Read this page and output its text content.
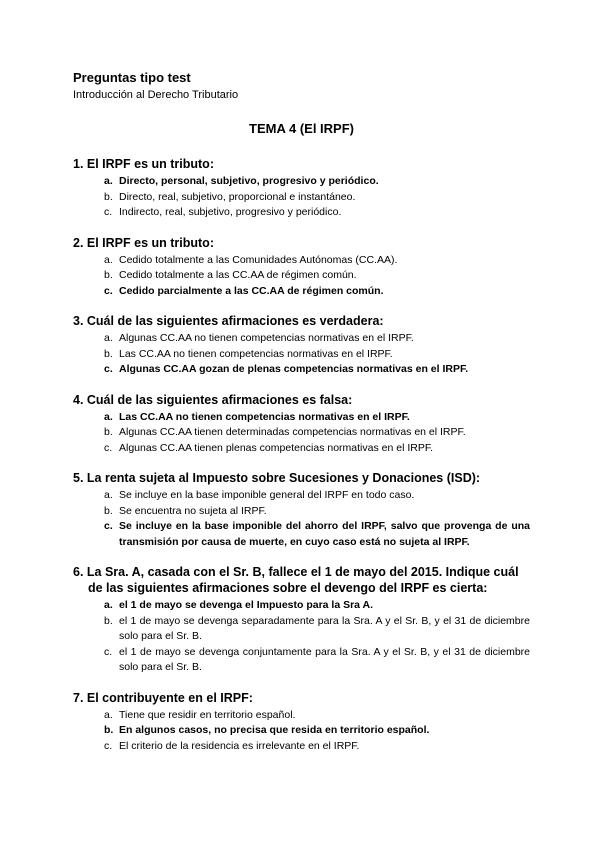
Preguntas tipo test
Introducción al Derecho Tributario
TEMA 4 (El IRPF)
1. El IRPF es un tributo:
a. Directo, personal, subjetivo, progresivo y periódico.
b. Directo, real, subjetivo, proporcional e instantáneo.
c. Indirecto, real, subjetivo, progresivo y periódico.
2. El IRPF es un tributo:
a. Cedido totalmente a las Comunidades Autónomas (CC.AA).
b. Cedido totalmente a las CC.AA de régimen común.
c. Cedido parcialmente a las CC.AA de régimen común.
3. Cuál de las siguientes afirmaciones es verdadera:
a. Algunas CC.AA no tienen competencias normativas en el IRPF.
b. Las CC.AA no tienen competencias normativas en el IRPF.
c. Algunas CC.AA gozan de plenas competencias normativas en el IRPF.
4. Cuál de las siguientes afirmaciones es falsa:
a. Las CC.AA no tienen competencias normativas en el IRPF.
b. Algunas CC.AA tienen determinadas competencias normativas en el IRPF.
c. Algunas CC.AA tienen plenas competencias normativas en el IRPF.
5. La renta sujeta al Impuesto sobre Sucesiones y Donaciones (ISD):
a. Se incluye en la base imponible general del IRPF en todo caso.
b. Se encuentra no sujeta al IRPF.
c. Se incluye en la base imponible del ahorro del IRPF, salvo que provenga de una transmisión por causa de muerte, en cuyo caso está no sujeta al IRPF.
6. La Sra. A, casada con el Sr. B, fallece el 1 de mayo del 2015. Indique cuál de las siguientes afirmaciones sobre el devengo del IRPF es cierta:
a. el 1 de mayo se devenga el Impuesto para la Sra A.
b. el 1 de mayo se devenga separadamente para la Sra. A y el Sr. B, y el 31 de diciembre solo para el Sr. B.
c. el 1 de mayo se devenga conjuntamente para la Sra. A y el Sr. B, y el 31 de diciembre solo para el Sr. B.
7. El contribuyente en el IRPF:
a. Tiene que residir en territorio español.
b. En algunos casos, no precisa que resida en territorio español.
c. El criterio de la residencia es irrelevante en el IRPF.
